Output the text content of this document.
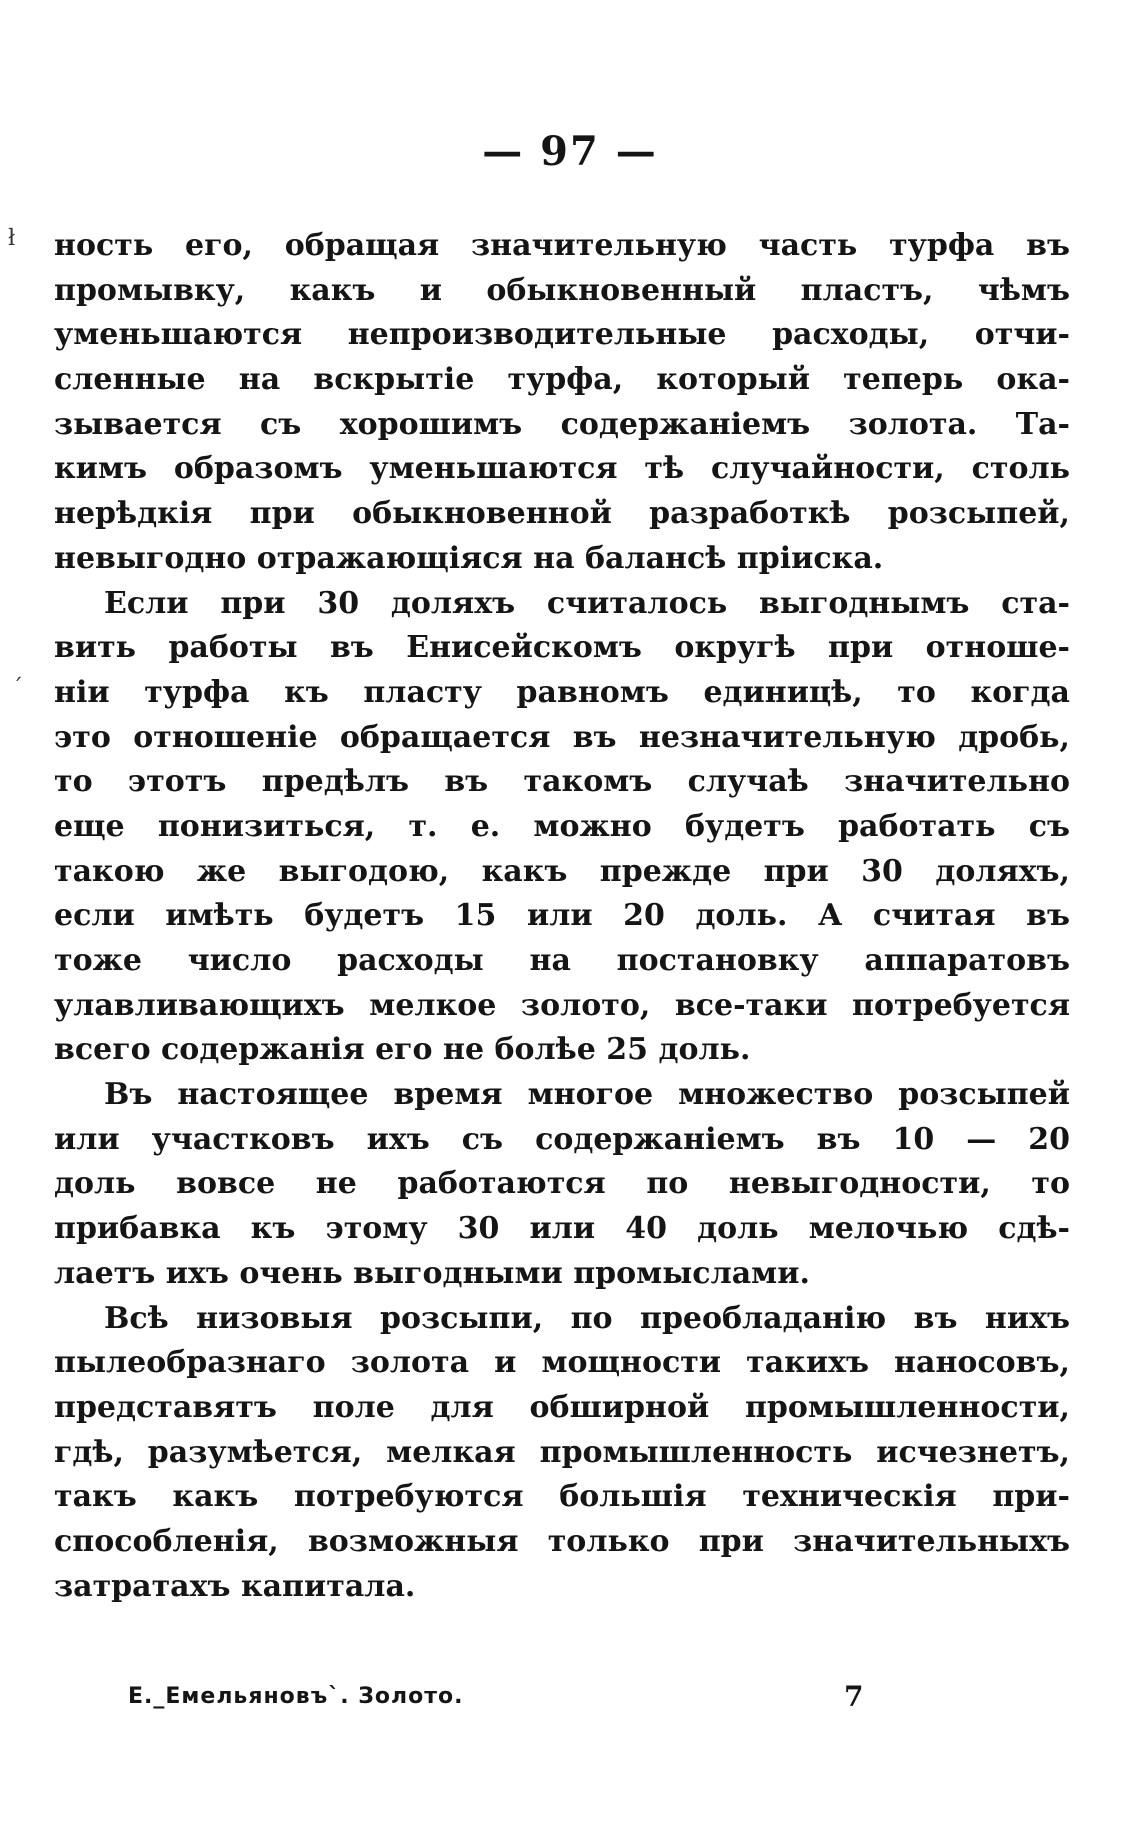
— 97 —
ł
ˊ
ность его, обращая значительную часть турфа въ
промывку, какъ и обыкновенный пластъ, чѣмъ
уменьшаются непроизводительные расходы, отчи-
сленные на вскрытіе турфа, который теперь ока-
зывается съ хорошимъ содержаніемъ золота. Та-
кимъ образомъ уменьшаются тѣ случайности, столь
нерѣдкія при обыкновенной разработкѣ розсыпей,
невыгодно отражающіяся на балансѣ пріиска.
Если при 30 доляхъ считалось выгоднымъ ста-
вить работы въ Енисейскомъ округѣ при отноше-
ніи турфа къ пласту равномъ единицѣ, то когда
это отношеніе обращается въ незначительную дробь,
то этотъ предѣлъ въ такомъ случаѣ значительно
еще понизиться, т. е. можно будетъ работать съ
такою же выгодою, какъ прежде при 30 доляхъ,
если имѣть будетъ 15 или 20 доль. А считая въ
тоже число расходы на постановку аппаратовъ
улавливающихъ мелкое золото, все-таки потребуется
всего содержанія его не болѣе 25 доль.
Въ настоящее время многое множество розсыпей
или участковъ ихъ съ содержаніемъ въ 10 — 20
доль вовсе не работаются по невыгодности, то
прибавка къ этому 30 или 40 доль мелочью сдѣ-
лаетъ ихъ очень выгодными промыслами.
Всѣ низовыя розсыпи, по преобладанію въ нихъ
пылеобразнаго золота и мощности такихъ наносовъ,
представятъ поле для обширной промышленности,
гдѣ, разумѣется, мелкая промышленность исчезнетъ,
такъ какъ потребуются большія техническія при-
способленія, возможныя только при значительныхъ
затратахъ капитала.
Е._Емельяновъ`. Золото.	7
